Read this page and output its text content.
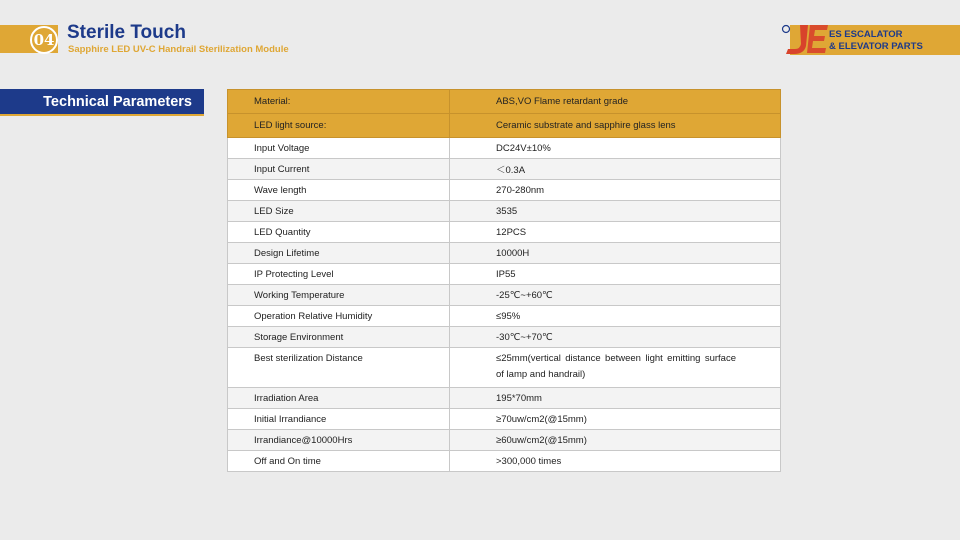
04 Sterile Touch
Sapphire LED UV-C Handrail Sterilization Module
ES ESCALATOR
& ELEVATOR PARTS
Technical Parameters	Material:	ABS,VO Flame retardant grade
LED light source:	Ceramic substrate and sapphire glass lens
Input Voltage	DC24V±10%
Input Current	＜0.3A
Wave length	270-280nm
LED Size	3535
LED Quantity	12PCS
Design Lifetime	10000H
IP Protecting Level	IP55
Working Temperature	-25℃~+60℃
Operation Relative Humidity	≤95%
Storage Environment	-30℃~+70℃
Best sterilization Distance	≤25mm(vertical distance between light emitting surface of lamp and handrail)
Irradiation Area	195*70mm
Initial Irrandiance	≥70uw/cm2(@15mm)
Irrandiance@10000Hrs	≥60uw/cm2(@15mm)
Off and On time	>300,000 times
